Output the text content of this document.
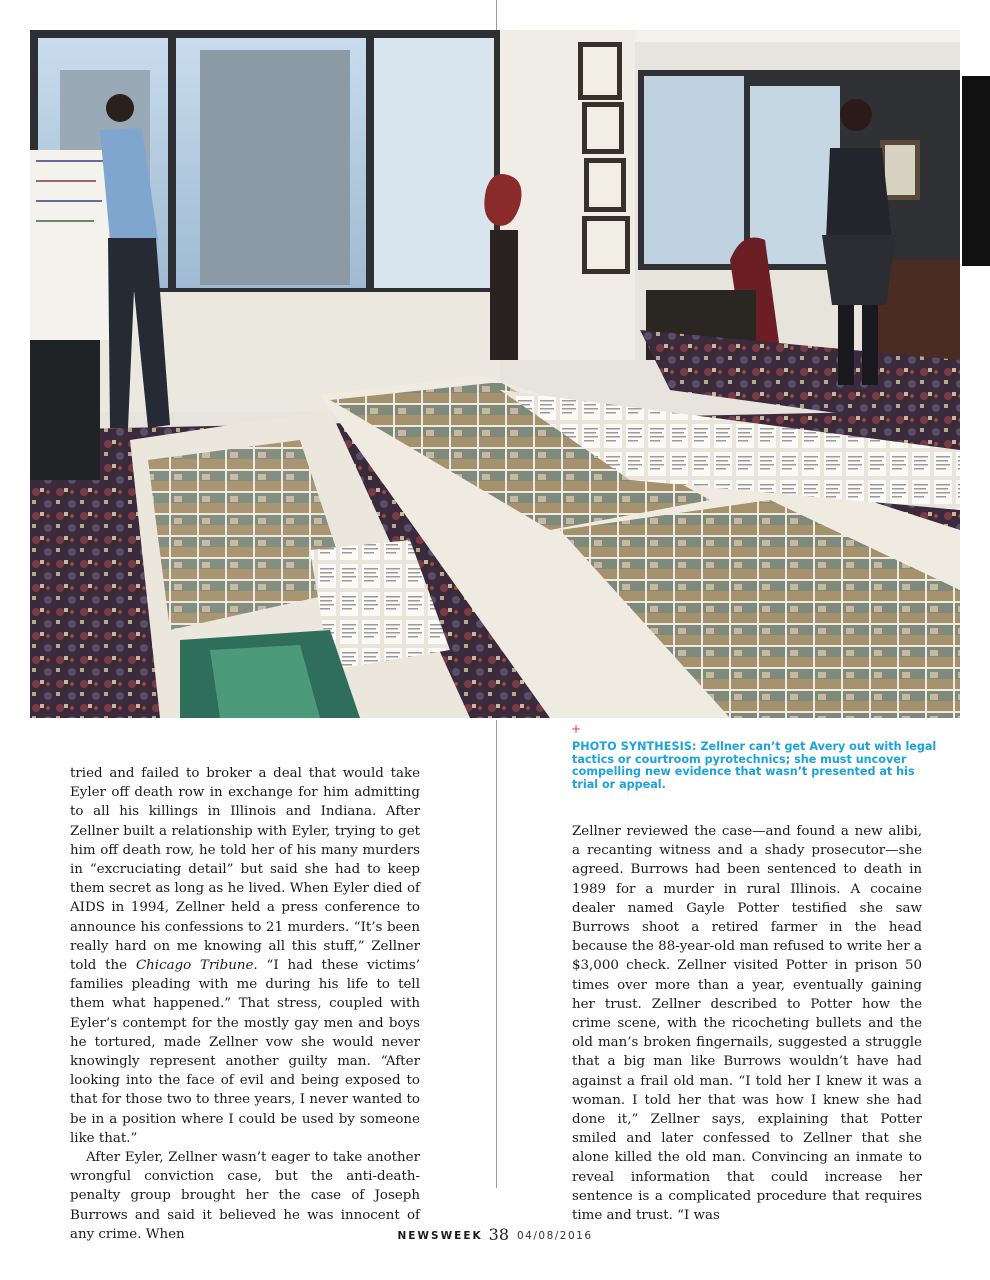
+

PHOTO SYNTHESIS: Zellner can’t get Avery out with legal tactics or courtroom pyrotechnics; she must uncover compelling new evidence that wasn’t presented at his trial or appeal.

tried and failed to broker a deal that would take Eyler off death row in exchange for him admitting to all his killings in Illinois and Indiana. After Zellner built a relationship with Eyler, trying to get him off death row, he told her of his many murders in “excruciating detail” but said she had to keep them secret as long as he lived. When Eyler died of AIDS in 1994, Zellner held a press conference to announce his confessions to 21 murders. “It’s been really hard on me knowing all this stuff,” Zellner told the Chicago Tribune. “I had these victims’ families pleading with me during his life to tell them what happened.” That stress, coupled with Eyler’s contempt for the mostly gay men and boys he tortured, made Zellner vow she would never knowingly represent another guilty man. “After looking into the face of evil and being exposed to that for those two to three years, I never wanted to be in a position where I could be used by someone like that.”

After Eyler, Zellner wasn’t eager to take another wrongful conviction case, but the anti-death-penalty group brought her the case of Joseph Burrows and said it believed he was innocent of any crime. When

Zellner reviewed the case—and found a new alibi, a recanting witness and a shady prosecutor—she agreed. Burrows had been sentenced to death in 1989 for a murder in rural Illinois. A cocaine dealer named Gayle Potter testified she saw Burrows shoot a retired farmer in the head because the 88-year-old man refused to write her a $3,000 check. Zellner visited Potter in prison 50 times over more than a year, eventually gaining her trust. Zellner described to Potter how the crime scene, with the ricocheting bullets and the old man’s broken fingernails, suggested a struggle that a big man like Burrows wouldn’t have had against a frail old man. “I told her I knew it was a woman. I told her that was how I knew she had done it,” Zellner says, explaining that Potter smiled and later confessed to Zellner that she alone killed the old man. Convincing an inmate to reveal information that could increase her sentence is a complicated procedure that requires time and trust. “I was

NEWSWEEK 38 04/08/2016
